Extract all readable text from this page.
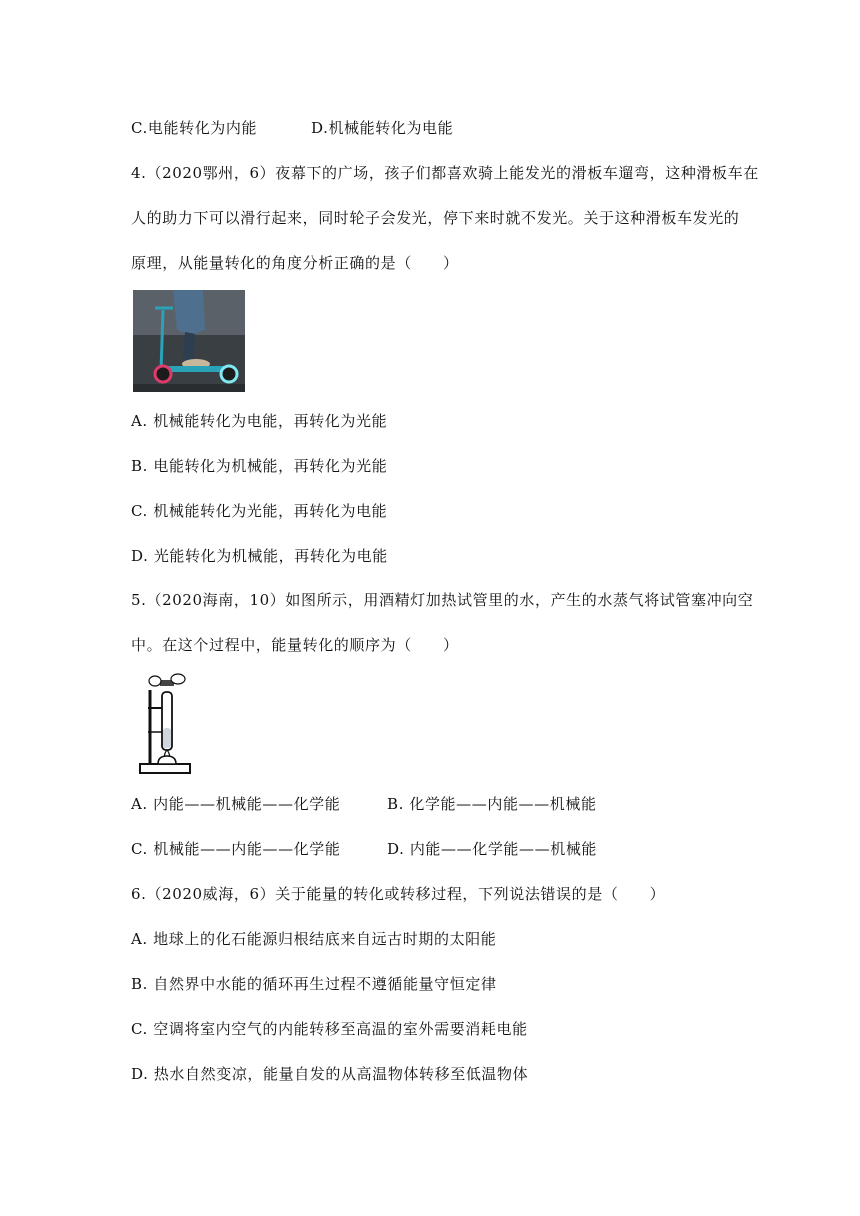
C.电能转化为内能	D.机械能转化为电能
4.（2020鄂州，6）夜幕下的广场，孩子们都喜欢骑上能发光的滑板车遛弯，这种滑板车在
人的助力下可以滑行起来，同时轮子会发光，停下来时就不发光。关于这种滑板车发光的
原理，从能量转化的角度分析正确的是（　　）
A. 机械能转化为电能，再转化为光能
B. 电能转化为机械能，再转化为光能
C. 机械能转化为光能，再转化为电能
D. 光能转化为机械能，再转化为电能
5.（2020海南，10）如图所示，用酒精灯加热试管里的水，产生的水蒸气将试管塞冲向空
中。在这个过程中，能量转化的顺序为（　　）
A. 内能——机械能——化学能	B. 化学能——内能——机械能
C. 机械能——内能——化学能	D. 内能——化学能——机械能
6.（2020威海，6）关于能量的转化或转移过程，下列说法错误的是（　　）
A. 地球上的化石能源归根结底来自远古时期的太阳能
B. 自然界中水能的循环再生过程不遵循能量守恒定律
C. 空调将室内空气的内能转移至高温的室外需要消耗电能
D. 热水自然变凉，能量自发的从高温物体转移至低温物体
